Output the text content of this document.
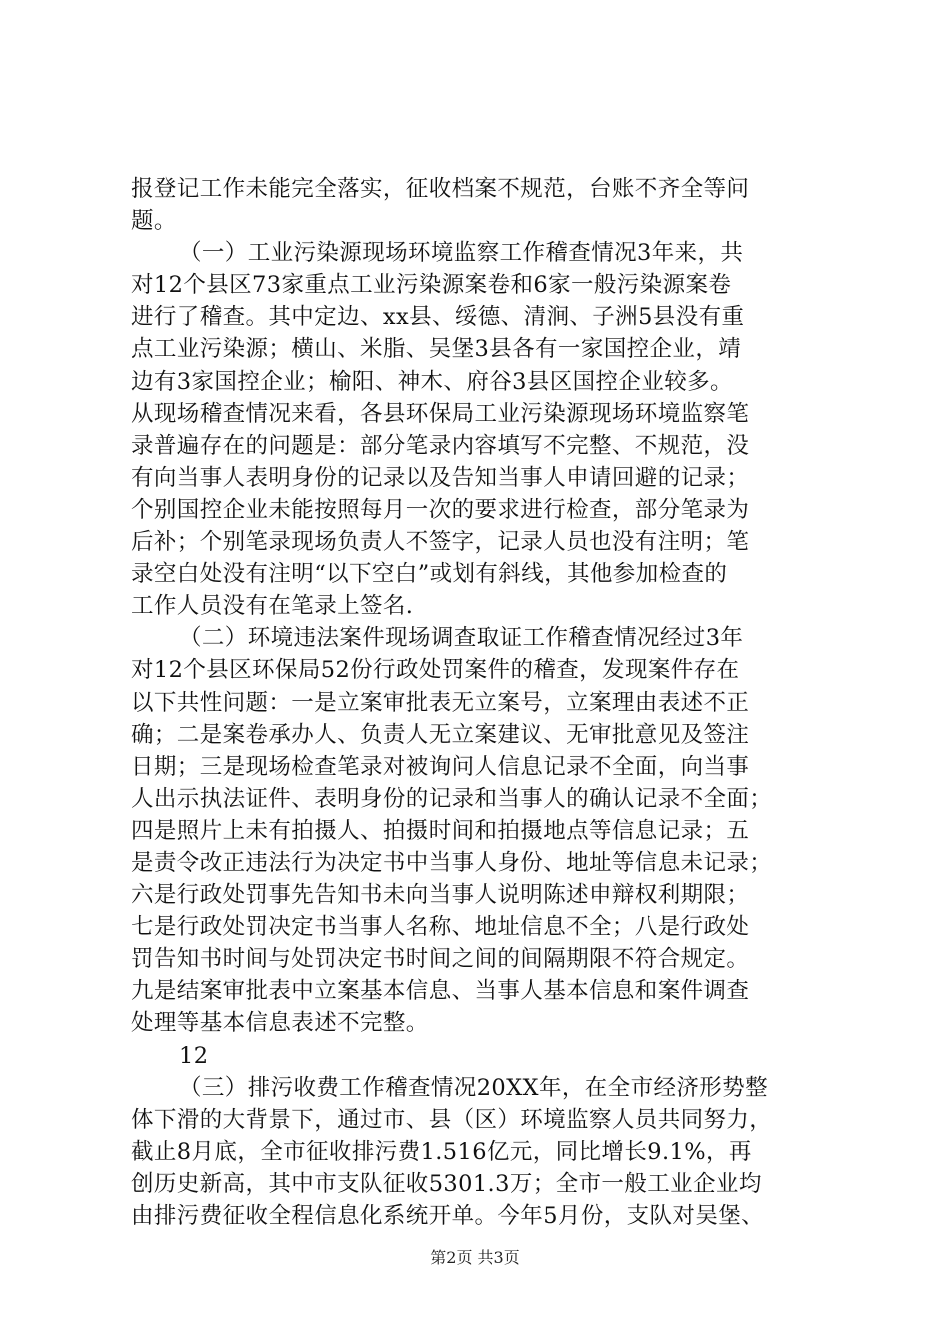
报登记工作未能完全落实，征收档案不规范，台账不齐全等问
题。
（一）工业污染源现场环境监察工作稽查情况3年来，共
对12个县区73家重点工业污染源案卷和6家一般污染源案卷
进行了稽查。其中定边、xx县、绥德、清涧、子洲5县没有重
点工业污染源；横山、米脂、吴堡3县各有一家国控企业，靖
边有3家国控企业；榆阳、神木、府谷3县区国控企业较多。
从现场稽查情况来看，各县环保局工业污染源现场环境监察笔
录普遍存在的问题是：部分笔录内容填写不完整、不规范，没
有向当事人表明身份的记录以及告知当事人申请回避的记录；
个别国控企业未能按照每月一次的要求进行检查，部分笔录为
后补；个别笔录现场负责人不签字，记录人员也没有注明；笔
录空白处没有注明“以下空白”或划有斜线，其他参加检查的
工作人员没有在笔录上签名.
（二）环境违法案件现场调查取证工作稽查情况经过3年
对12个县区环保局52份行政处罚案件的稽查，发现案件存在
以下共性问题：一是立案审批表无立案号，立案理由表述不正
确；二是案卷承办人、负责人无立案建议、无审批意见及签注
日期；三是现场检查笔录对被询问人信息记录不全面，向当事
人出示执法证件、表明身份的记录和当事人的确认记录不全面；
四是照片上未有拍摄人、拍摄时间和拍摄地点等信息记录；五
是责令改正违法行为决定书中当事人身份、地址等信息未记录；
六是行政处罚事先告知书未向当事人说明陈述申辩权利期限；
七是行政处罚决定书当事人名称、地址信息不全；八是行政处
罚告知书时间与处罚决定书时间之间的间隔期限不符合规定。
九是结案审批表中立案基本信息、当事人基本信息和案件调查
处理等基本信息表述不完整。
12
（三）排污收费工作稽查情况20XX年，在全市经济形势整
体下滑的大背景下，通过市、县（区）环境监察人员共同努力，
截止8月底，全市征收排污费1.516亿元，同比增长9.1%，再
创历史新高，其中市支队征收5301.3万；全市一般工业企业均
由排污费征收全程信息化系统开单。今年5月份，支队对吴堡、
第2页 共3页
